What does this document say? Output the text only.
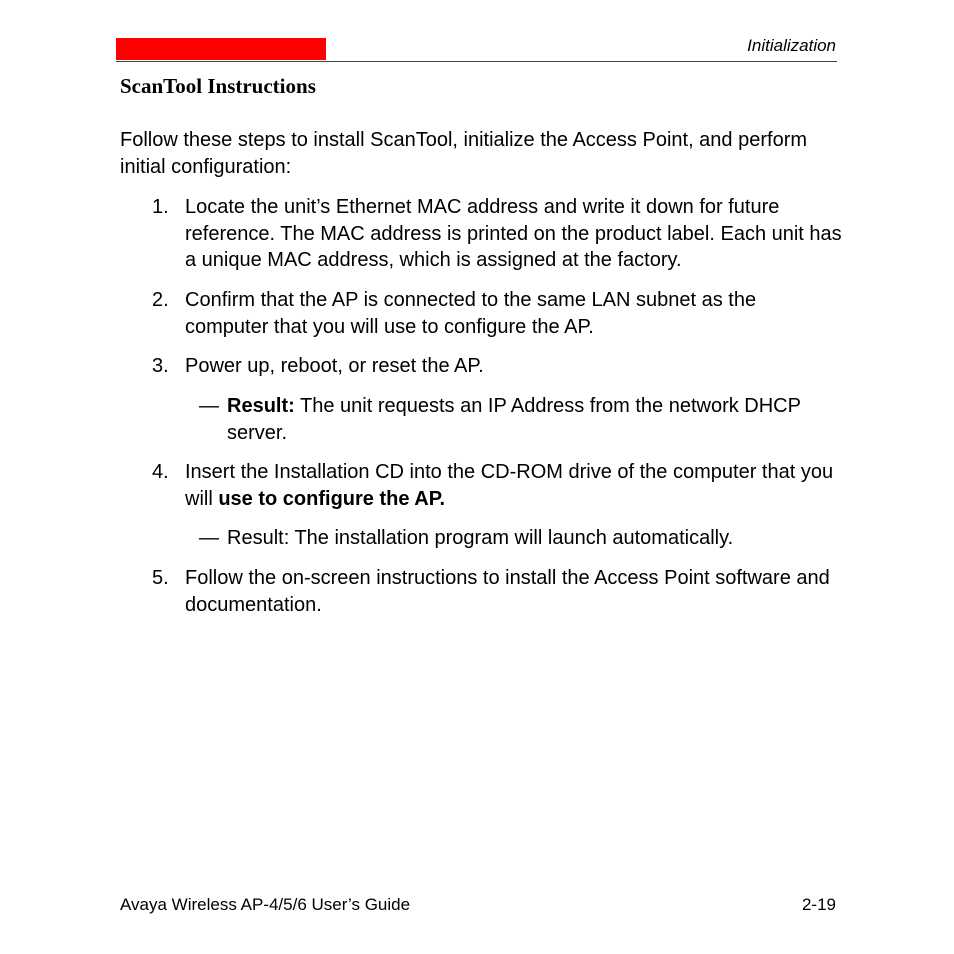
Initialization
ScanTool Instructions
Follow these steps to install ScanTool, initialize the Access Point, and perform initial configuration:
1. Locate the unit’s Ethernet MAC address and write it down for future reference. The MAC address is printed on the product label. Each unit has a unique MAC address, which is assigned at the factory.
2. Confirm that the AP is connected to the same LAN subnet as the computer that you will use to configure the AP.
3. Power up, reboot, or reset the AP.
— Result: The unit requests an IP Address from the network DHCP server.
4. Insert the Installation CD into the CD-ROM drive of the computer that you will use to configure the AP.
— Result: The installation program will launch automatically.
5. Follow the on-screen instructions to install the Access Point software and documentation.
Avaya Wireless AP-4/5/6 User’s Guide	2-19
